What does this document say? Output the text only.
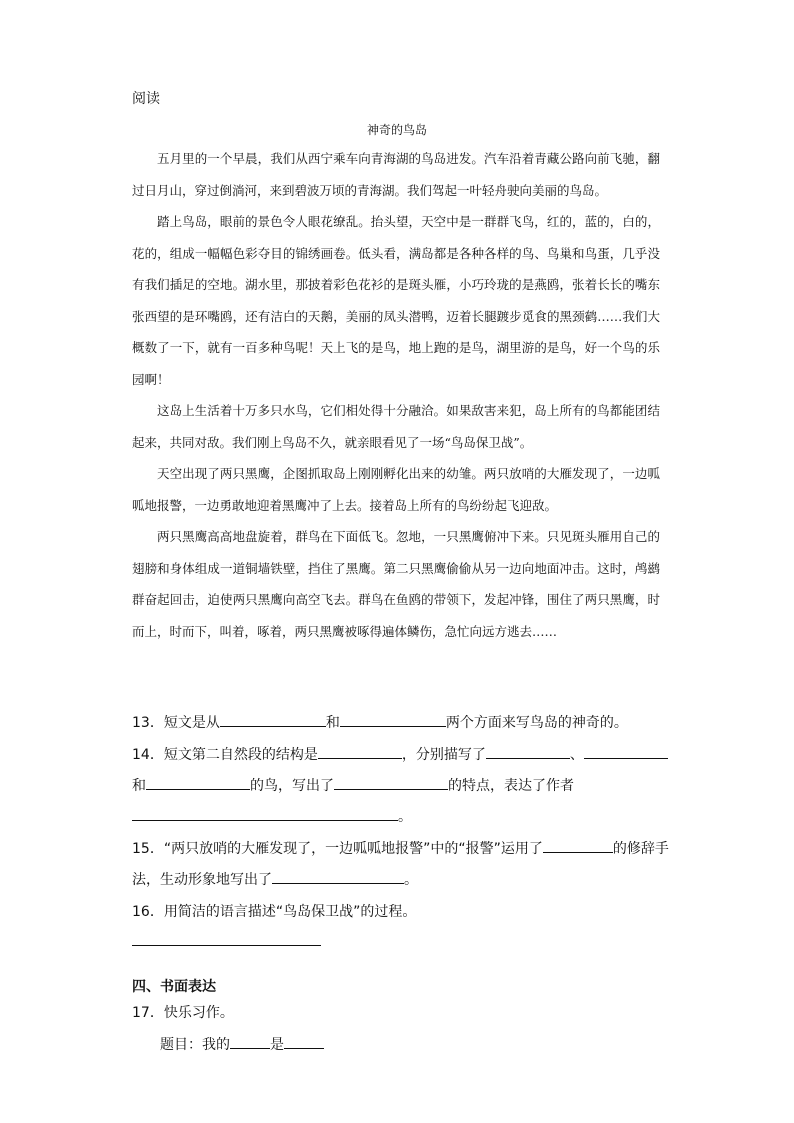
阅读
神奇的鸟岛

五月里的一个早晨，我们从西宁乘车向青海湖的鸟岛进发。汽车沿着青藏公路向前飞驰，翻过日月山，穿过倒淌河，来到碧波万顷的青海湖。我们驾起一叶轻舟驶向美丽的鸟岛。

踏上鸟岛，眼前的景色令人眼花缭乱。抬头望，天空中是一群群飞鸟，红的，蓝的，白的，花的，组成一幅幅色彩夺目的锦绣画卷。低头看，满岛都是各种各样的鸟、鸟巢和鸟蛋，几乎没有我们插足的空地。湖水里，那披着彩色花衫的是斑头雁，小巧玲珑的是燕鸥，张着长长的嘴东张西望的是环嘴鸥，还有洁白的天鹅，美丽的凤头潜鸭，迈着长腿踱步觅食的黑颈鹤……我们大概数了一下，就有一百多种鸟呢！天上飞的是鸟，地上跑的是鸟，湖里游的是鸟，好一个鸟的乐园啊！

这岛上生活着十万多只水鸟，它们相处得十分融洽。如果敌害来犯，岛上所有的鸟都能团结起来，共同对敌。我们刚上鸟岛不久，就亲眼看见了一场“鸟岛保卫战”。

天空出现了两只黑鹰，企图抓取岛上刚刚孵化出来的幼雏。两只放哨的大雁发现了，一边呱呱地报警，一边勇敢地迎着黑鹰冲了上去。接着岛上所有的鸟纷纷起飞迎敌。

两只黑鹰高高地盘旋着，群鸟在下面低飞。忽地，一只黑鹰俯冲下来。只见斑头雁用自己的翅膀和身体组成一道铜墙铁壁，挡住了黑鹰。第二只黑鹰偷偷从另一边向地面冲击。这时，鸬鹚群奋起回击，迫使两只黑鹰向高空飞去。群鸟在鱼鸥的带领下，发起冲锋，围住了两只黑鹰，时而上，时而下，叫着，啄着，两只黑鹰被啄得遍体鳞伤，急忙向远方逃去……

13．短文是从	和	两个方面来写鸟岛的神奇的。
14．短文第二自然段的结构是	，分别描写了	、
和	的鸟，写出了	的特点，表达了作者
。
15．“两只放哨的大雁发现了，一边呱呱地报警”中的“报警”运用了	的修辞手
法，生动形象地写出了	。
16．用简洁的语言描述“鸟岛保卫战”的过程。
四、书面表达
17．快乐习作。
题目：我的	是
